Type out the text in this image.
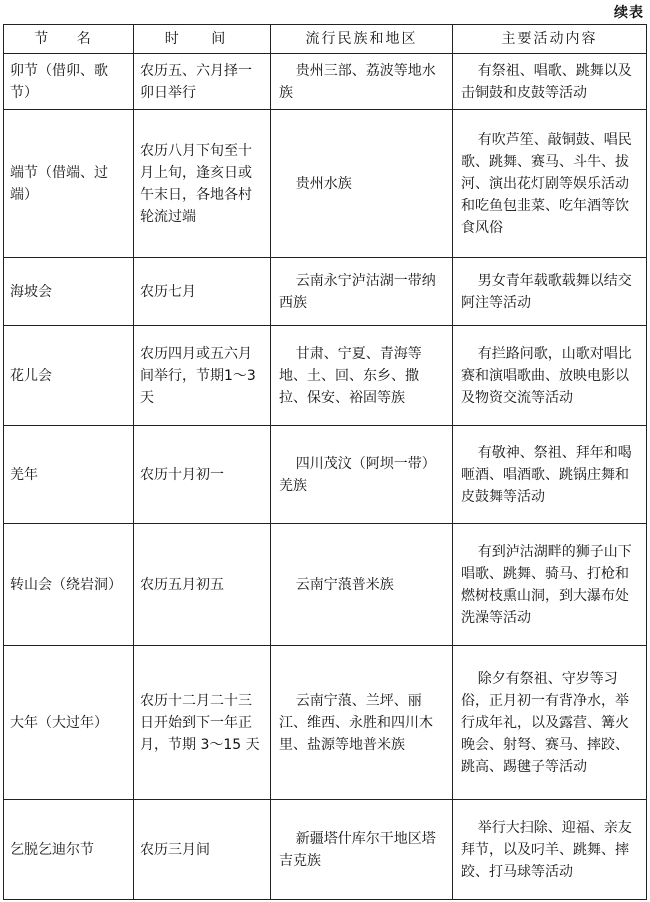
续表
节 名	时 间	流行民族和地区	主要活动内容
卯节（借卯、歌节）	农历五、六月择一卯日举行	贵州三部、荔波等地水族	有祭祖、唱歌、跳舞以及击铜鼓和皮鼓等活动
端节（借端、过端）	农历八月下旬至十月上旬，逢亥日或午末日，各地各村轮流过端	贵州水族	有吹芦笙、敲铜鼓、唱民歌、跳舞、赛马、斗牛、拔河、演出花灯剧等娱乐活动和吃鱼包韭菜、吃年酒等饮食风俗
海坡会	农历七月	云南永宁泸沽湖一带纳西族	男女青年载歌载舞以结交阿注等活动
花儿会	农历四月或五六月间举行，节期1～3天	甘肃、宁夏、青海等地、土、回、东乡、撒拉、保安、裕固等族	有拦路问歌，山歌对唱比赛和演唱歌曲、放映电影以及物资交流等活动
羌年	农历十月初一	四川茂汶（阿坝一带）羌族	有敬神、祭祖、拜年和喝咂酒、唱酒歌、跳锅庄舞和皮鼓舞等活动
转山会（绕岩洞）	农历五月初五	云南宁蒗普米族	有到泸沽湖畔的狮子山下唱歌、跳舞、骑马、打枪和燃树枝熏山洞，到大瀑布处洗澡等活动
大年（大过年）	农历十二月二十三日开始到下一年正月，节期 3～15 天	云南宁蒗、兰坪、丽江、维西、永胜和四川木里、盐源等地普米族	除夕有祭祖、守岁等习俗，正月初一有背净水，举行成年礼，以及露营、篝火晚会、射弩、赛马、摔跤、跳高、踢毽子等活动
乞脱乞迪尔节	农历三月间	新疆塔什库尔干地区塔吉克族	举行大扫除、迎福、亲友拜节，以及叼羊、跳舞、摔跤、打马球等活动
